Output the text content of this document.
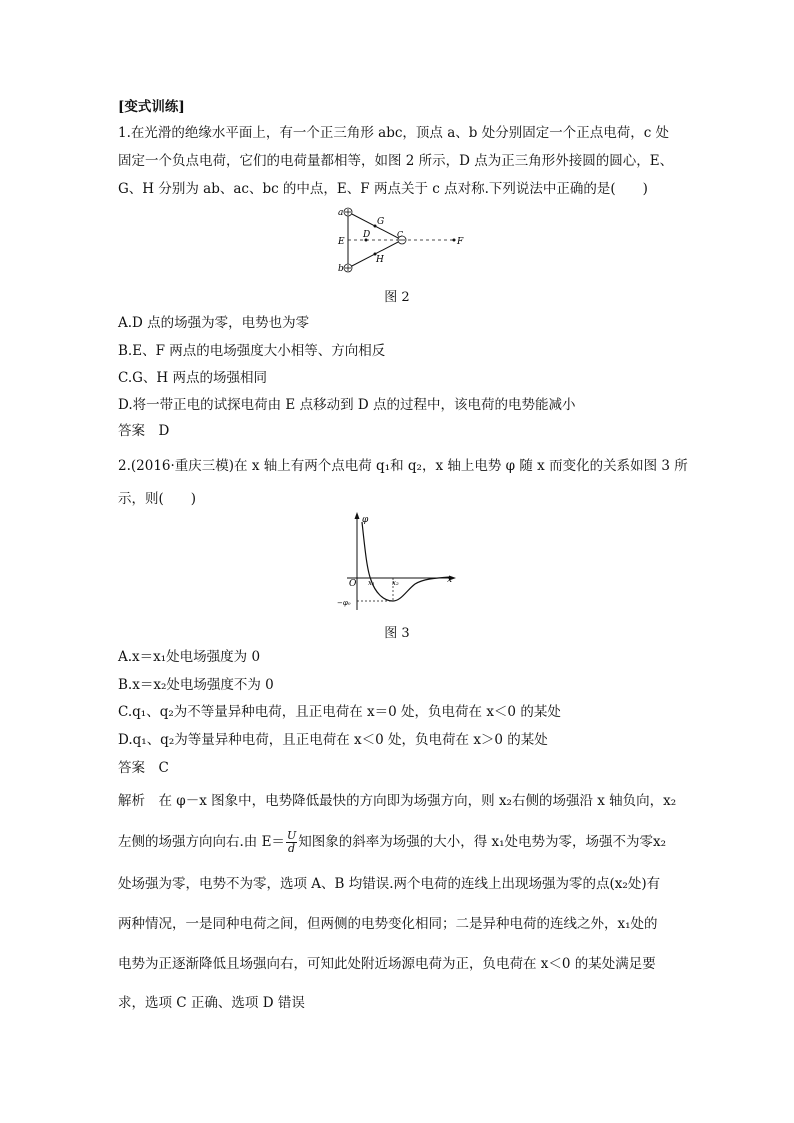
[变式训练]
1.在光滑的绝缘水平面上，有一个正三角形 abc，顶点 a、b 处分别固定一个正点电荷，c 处
固定一个负点电荷，它们的电荷量都相等，如图 2 所示，D 点为正三角形外接圆的圆心，E、
G、H 分别为 ab、ac、bc 的中点，E、F 两点关于 c 点对称.下列说法中正确的是(　　)
a
b
E
D
G
H
C
F
图 2
A.D 点的场强为零，电势也为零
B.E、F 两点的电场强度大小相等、方向相反
C.G、H 两点的场强相同
D.将一带正电的试探电荷由 E 点移动到 D 点的过程中，该电荷的电势能减小
答案　D
2.(2016·重庆三模)在 x 轴上有两个点电荷 q₁和 q₂，x 轴上电势 φ 随 x 而变化的关系如图 3 所
示，则(　　)
φ
O x₁ x₂	x
−φ₀
图 3
A.x＝x₁处电场强度为 0
B.x＝x₂处电场强度不为 0
C.q₁、q₂为不等量异种电荷，且正电荷在 x＝0 处，负电荷在 x＜0 的某处
D.q₁、q₂为等量异种电荷，且正电荷在 x＜0 处，负电荷在 x＞0 的某处
答案　C
解析　在 φ－x 图象中，电势降低最快的方向即为场强方向，则 x₂右侧的场强沿 x 轴负向，x₂
左侧的场强方向向右.由 $E= \frac{U}{d}$ 知图象的斜率为场强的大小，得 x₁处电势为零，场强不为零x₂
处场强为零，电势不为零，选项 A、B 均错误.两个电荷的连线上出现场强为零的点(x₂处)有
两种情况，一是同种电荷之间，但两侧的电势变化相同；二是异种电荷的连线之外，x₁处的
电势为正逐渐降低且场强向右，可知此处附近场源电荷为正，负电荷在 x＜0 的某处满足要
求，选项 C 正确、选项 D 错误
